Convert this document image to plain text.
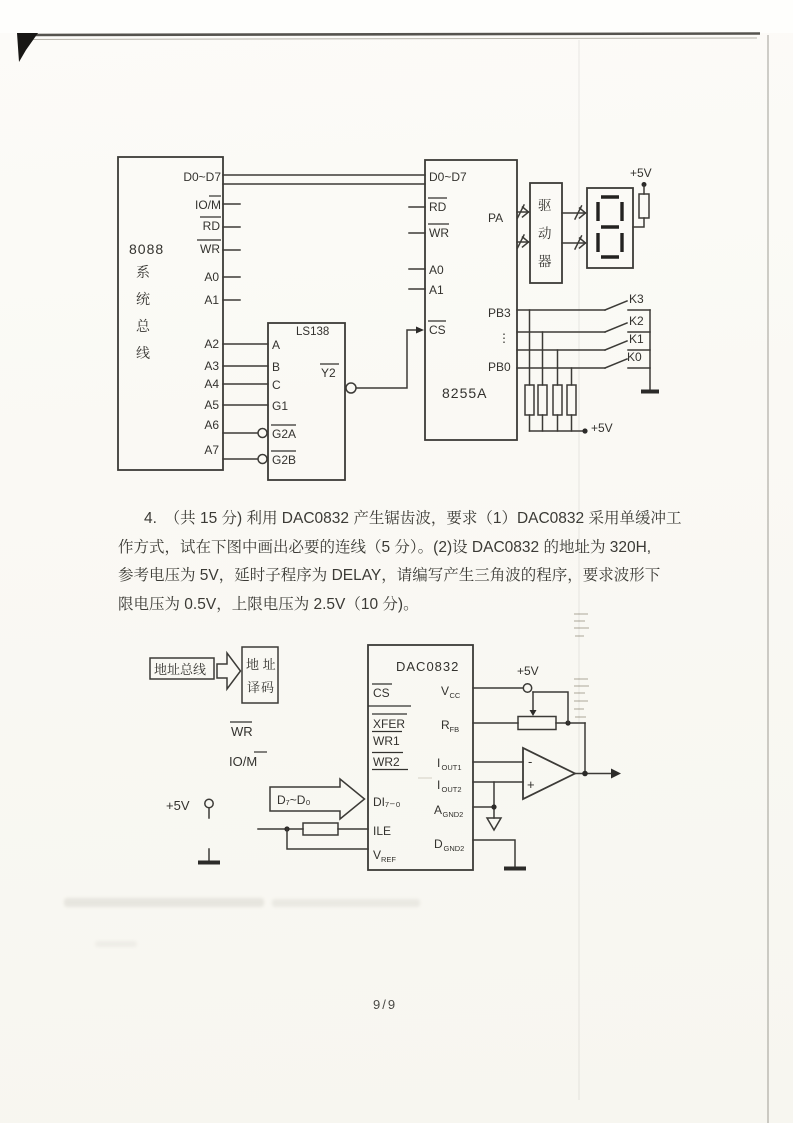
8088
系
统
总
线
D0~D7
IO/M
RD
WR
A0
A1
A2
A3
A4
A5
A6
A7
LS138
A
B
C
G1
G2A
G2B
Y2
8255A
D0~D7
RD
WR
A0
A1
CS
PA
PB3
⋮
PB0
驱
动
器
+5V
K3
K2
K1
K0
+5V
地址总线	地 址
译码
WR
IO/M
+5V	D₇~D₀
DAC0832
CS
XFER
WR1
WR2
DI₇₋₀
ILE
V REF
V CC
R FB
I OUT1
I OUT2
A GND2
D GND2
+5V
-
+
4.　（共 15 分) 利用 DAC0832 产生锯齿波，要求（1）DAC0832 采用单缓冲工
作方式，试在下图中画出必要的连线（5 分）。(2)设 DAC0832 的地址为 320H,
参考电压为 5V，延时子程序为 DELAY，请编写产生三角波的程序，要求波形下
限电压为 0.5V，上限电压为 2.5V（10 分)。
9/9
